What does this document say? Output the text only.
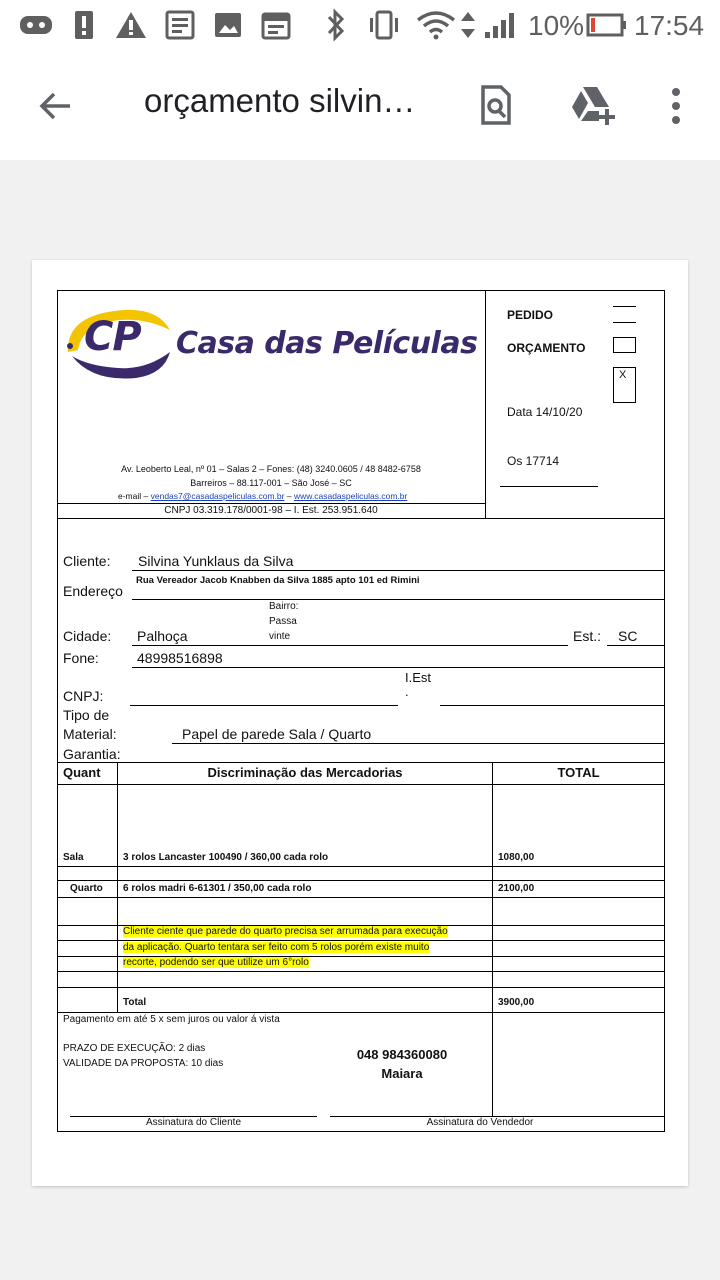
10% 17:54
orçamento silvin…
CP Casa das Películas
Av. Leoberto Leal, nº 01 – Salas 2 – Fones: (48) 3240.0605 / 48 8482-6758
Barreiros – 88.117-001 – São José – SC
e-mail – vendas7@casadaspeliculas.com.br – www.casadaspeliculas.com.br
CNPJ 03.319.178/0001-98 – I. Est. 253.951.640
PEDIDO
ORÇAMENTO
X
Data 14/10/20
Os 17714
Cliente: Silvina Yunklaus da Silva
Rua Vereador Jacob Knabben da Silva 1885 apto 101 ed Rimini
Endereço
Bairro:
Passa
vinte
Cidade: Palhoça	Est.: SC
Fone:	48998516898
I.Est
.
CNPJ:
Tipo de
Material:	Papel de parede Sala / Quarto
Garantia:
Quant	Discriminação das Mercadorias	TOTAL
Sala	3 rolos Lancaster 100490 / 360,00 cada rolo	1080,00
Quarto 6 rolos madri 6-61301 / 350,00 cada rolo	2100,00
Cliente ciente que parede do quarto precisa ser arrumada para execução
da aplicação. Quarto tentara ser feito com 5 rolos porém existe muito
recorte, podendo ser que utilize um 6°rolo
Total	3900,00
Pagamento em até 5 x sem juros ou valor á vista
PRAZO DE EXECUÇÃO: 2 dias
VALIDADE DA PROPOSTA: 10 dias
048 984360080
Maiara
Assinatura do Cliente	Assinatura do Vendedor
